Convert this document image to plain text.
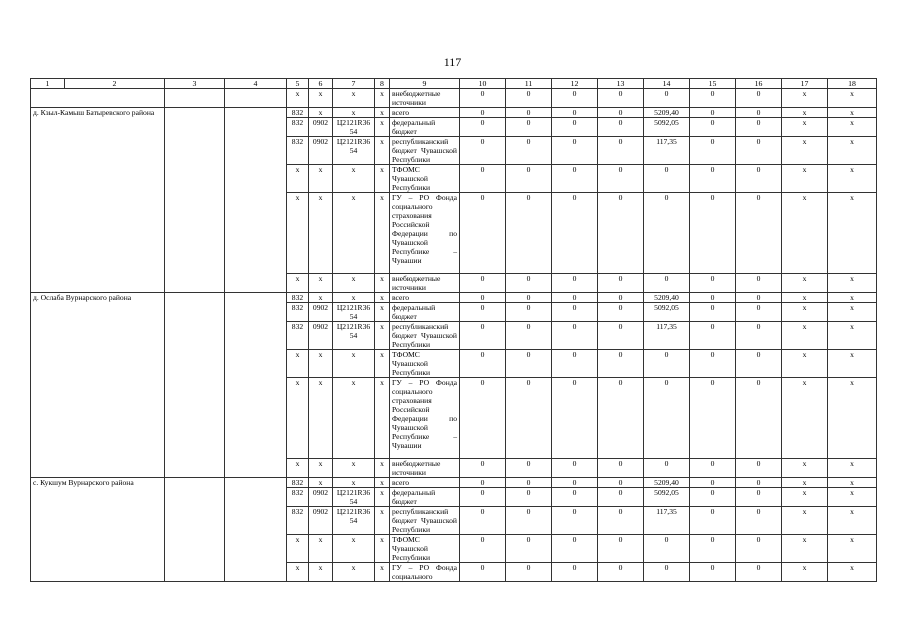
117
1	2	3	4	5	6	7	8	9	10	11	12	13	14	15	16	17	18
				x	x	x	x	внебюджетные источники	0	0	0	0	0	0	0	x	x
д. Кзыл-Камыш Батыревского района				832	x	x	x	всего	0	0	0	0	5209,40	0	0	x	x
				832	0902	Ц2121R36 54	x	федеральный бюджет	0	0	0	0	5092,05	0	0	x	x
				832	0902	Ц2121R36 54	x	республиканский бюджет Чувашской Республики	0	0	0	0	117,35	0	0	x	x
				x	x	x	x	ТФОМС Чувашской Республики	0	0	0	0	0	0	0	x	x
				x	x	x	x	ГУ – РО Фонда социального страхования Российской Федерации по Чувашской Республике – Чувашии	0	0	0	0	0	0	0	x	x
				x	x	x	x	внебюджетные источники	0	0	0	0	0	0	0	x	x
д. Ослаба Вурнарского района				832	x	x	x	всего	0	0	0	0	5209,40	0	0	x	x
				832	0902	Ц2121R36 54	x	федеральный бюджет	0	0	0	0	5092,05	0	0	x	x
				832	0902	Ц2121R36 54	x	республиканский бюджет Чувашской Республики	0	0	0	0	117,35	0	0	x	x
				x	x	x	x	ТФОМС Чувашской Республики	0	0	0	0	0	0	0	x	x
				x	x	x	x	ГУ – РО Фонда социального страхования Российской Федерации по Чувашской Республике – Чувашии	0	0	0	0	0	0	0	x	x
				x	x	x	x	внебюджетные источники	0	0	0	0	0	0	0	x	x
с. Кукшум Вурнарского района				832	x	x	x	всего	0	0	0	0	5209,40	0	0	x	x
				832	0902	Ц2121R36 54	x	федеральный бюджет	0	0	0	0	5092,05	0	0	x	x
				832	0902	Ц2121R36 54	x	республиканский бюджет Чувашской Республики	0	0	0	0	117,35	0	0	x	x
				x	x	x	x	ТФОМС Чувашской Республики	0	0	0	0	0	0	0	x	x
				x	x	x	x	ГУ – РО Фонда социального	0	0	0	0	0	0	0	x	x
